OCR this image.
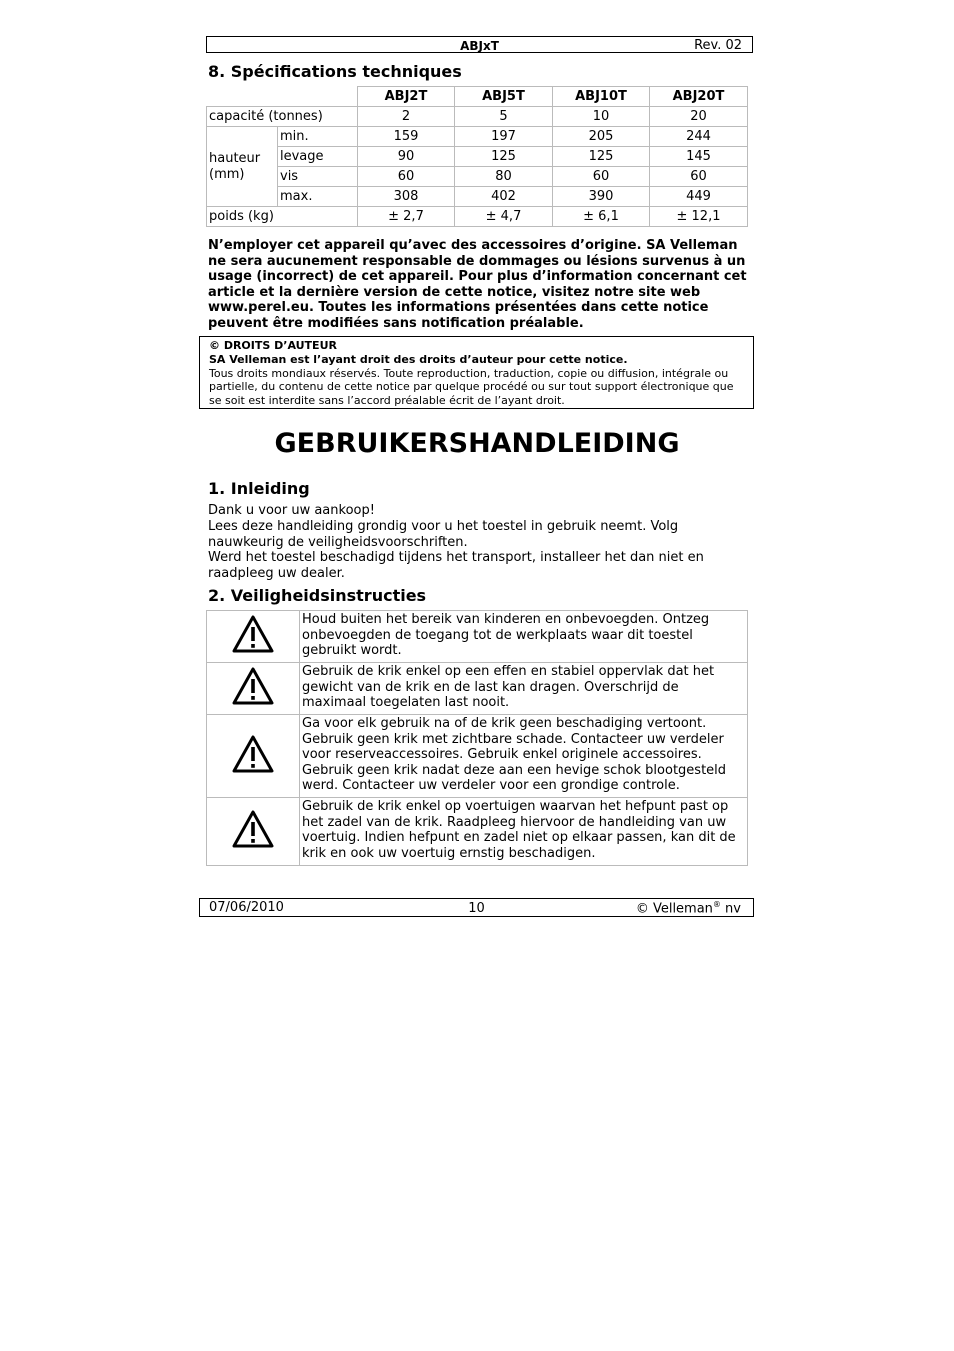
ABJxT	Rev. 02
8. Spécifications techniques
		ABJ2T	ABJ5T	ABJ10T	ABJ20T
capacité (tonnes)		2	5	10	20
hauteur (mm)	min.	159	197	205	244
	levage	90	125	125	145
	vis	60	80	60	60
	max.	308	402	390	449
poids (kg)		± 2,7	± 4,7	± 6,1	± 12,1
N’employer cet appareil qu’avec des accessoires d’origine. SA Velleman ne sera aucunement responsable de dommages ou lésions survenus à un usage (incorrect) de cet appareil. Pour plus d’information concernant cet article et la dernière version de cette notice, visitez notre site web www.perel.eu. Toutes les informations présentées dans cette notice peuvent être modifiées sans notification préalable.
© DROITS D’AUTEUR
SA Velleman est l’ayant droit des droits d’auteur pour cette notice.
Tous droits mondiaux réservés. Toute reproduction, traduction, copie ou diffusion, intégrale ou partielle, du contenu de cette notice par quelque procédé ou sur tout support électronique que se soit est interdite sans l’accord préalable écrit de l’ayant droit.
GEBRUIKERSHANDLEIDING
1. Inleiding
Dank u voor uw aankoop!
Lees deze handleiding grondig voor u het toestel in gebruik neemt. Volg nauwkeurig de veiligheidsvoorschriften.
Werd het toestel beschadigd tijdens het transport, installeer het dan niet en raadpleeg uw dealer.
2. Veiligheidsinstructies
	Houd buiten het bereik van kinderen en onbevoegden. Ontzeg onbevoegden de toegang tot de werkplaats waar dit toestel gebruikt wordt.
	Gebruik de krik enkel op een effen en stabiel oppervlak dat het gewicht van de krik en de last kan dragen. Overschrijd de maximaal toegelaten last nooit.
	Ga voor elk gebruik na of de krik geen beschadiging vertoont. Gebruik geen krik met zichtbare schade. Contacteer uw verdeler voor reserveaccessoires. Gebruik enkel originele accessoires. Gebruik geen krik nadat deze aan een hevige schok blootgesteld werd. Contacteer uw verdeler voor een grondige controle.
	Gebruik de krik enkel op voertuigen waarvan het hefpunt past op het zadel van de krik. Raadpleeg hiervoor de handleiding van uw voertuig. Indien hefpunt en zadel niet op elkaar passen, kan dit de krik en ook uw voertuig ernstig beschadigen.
07/06/2010	10	© Velleman® nv
